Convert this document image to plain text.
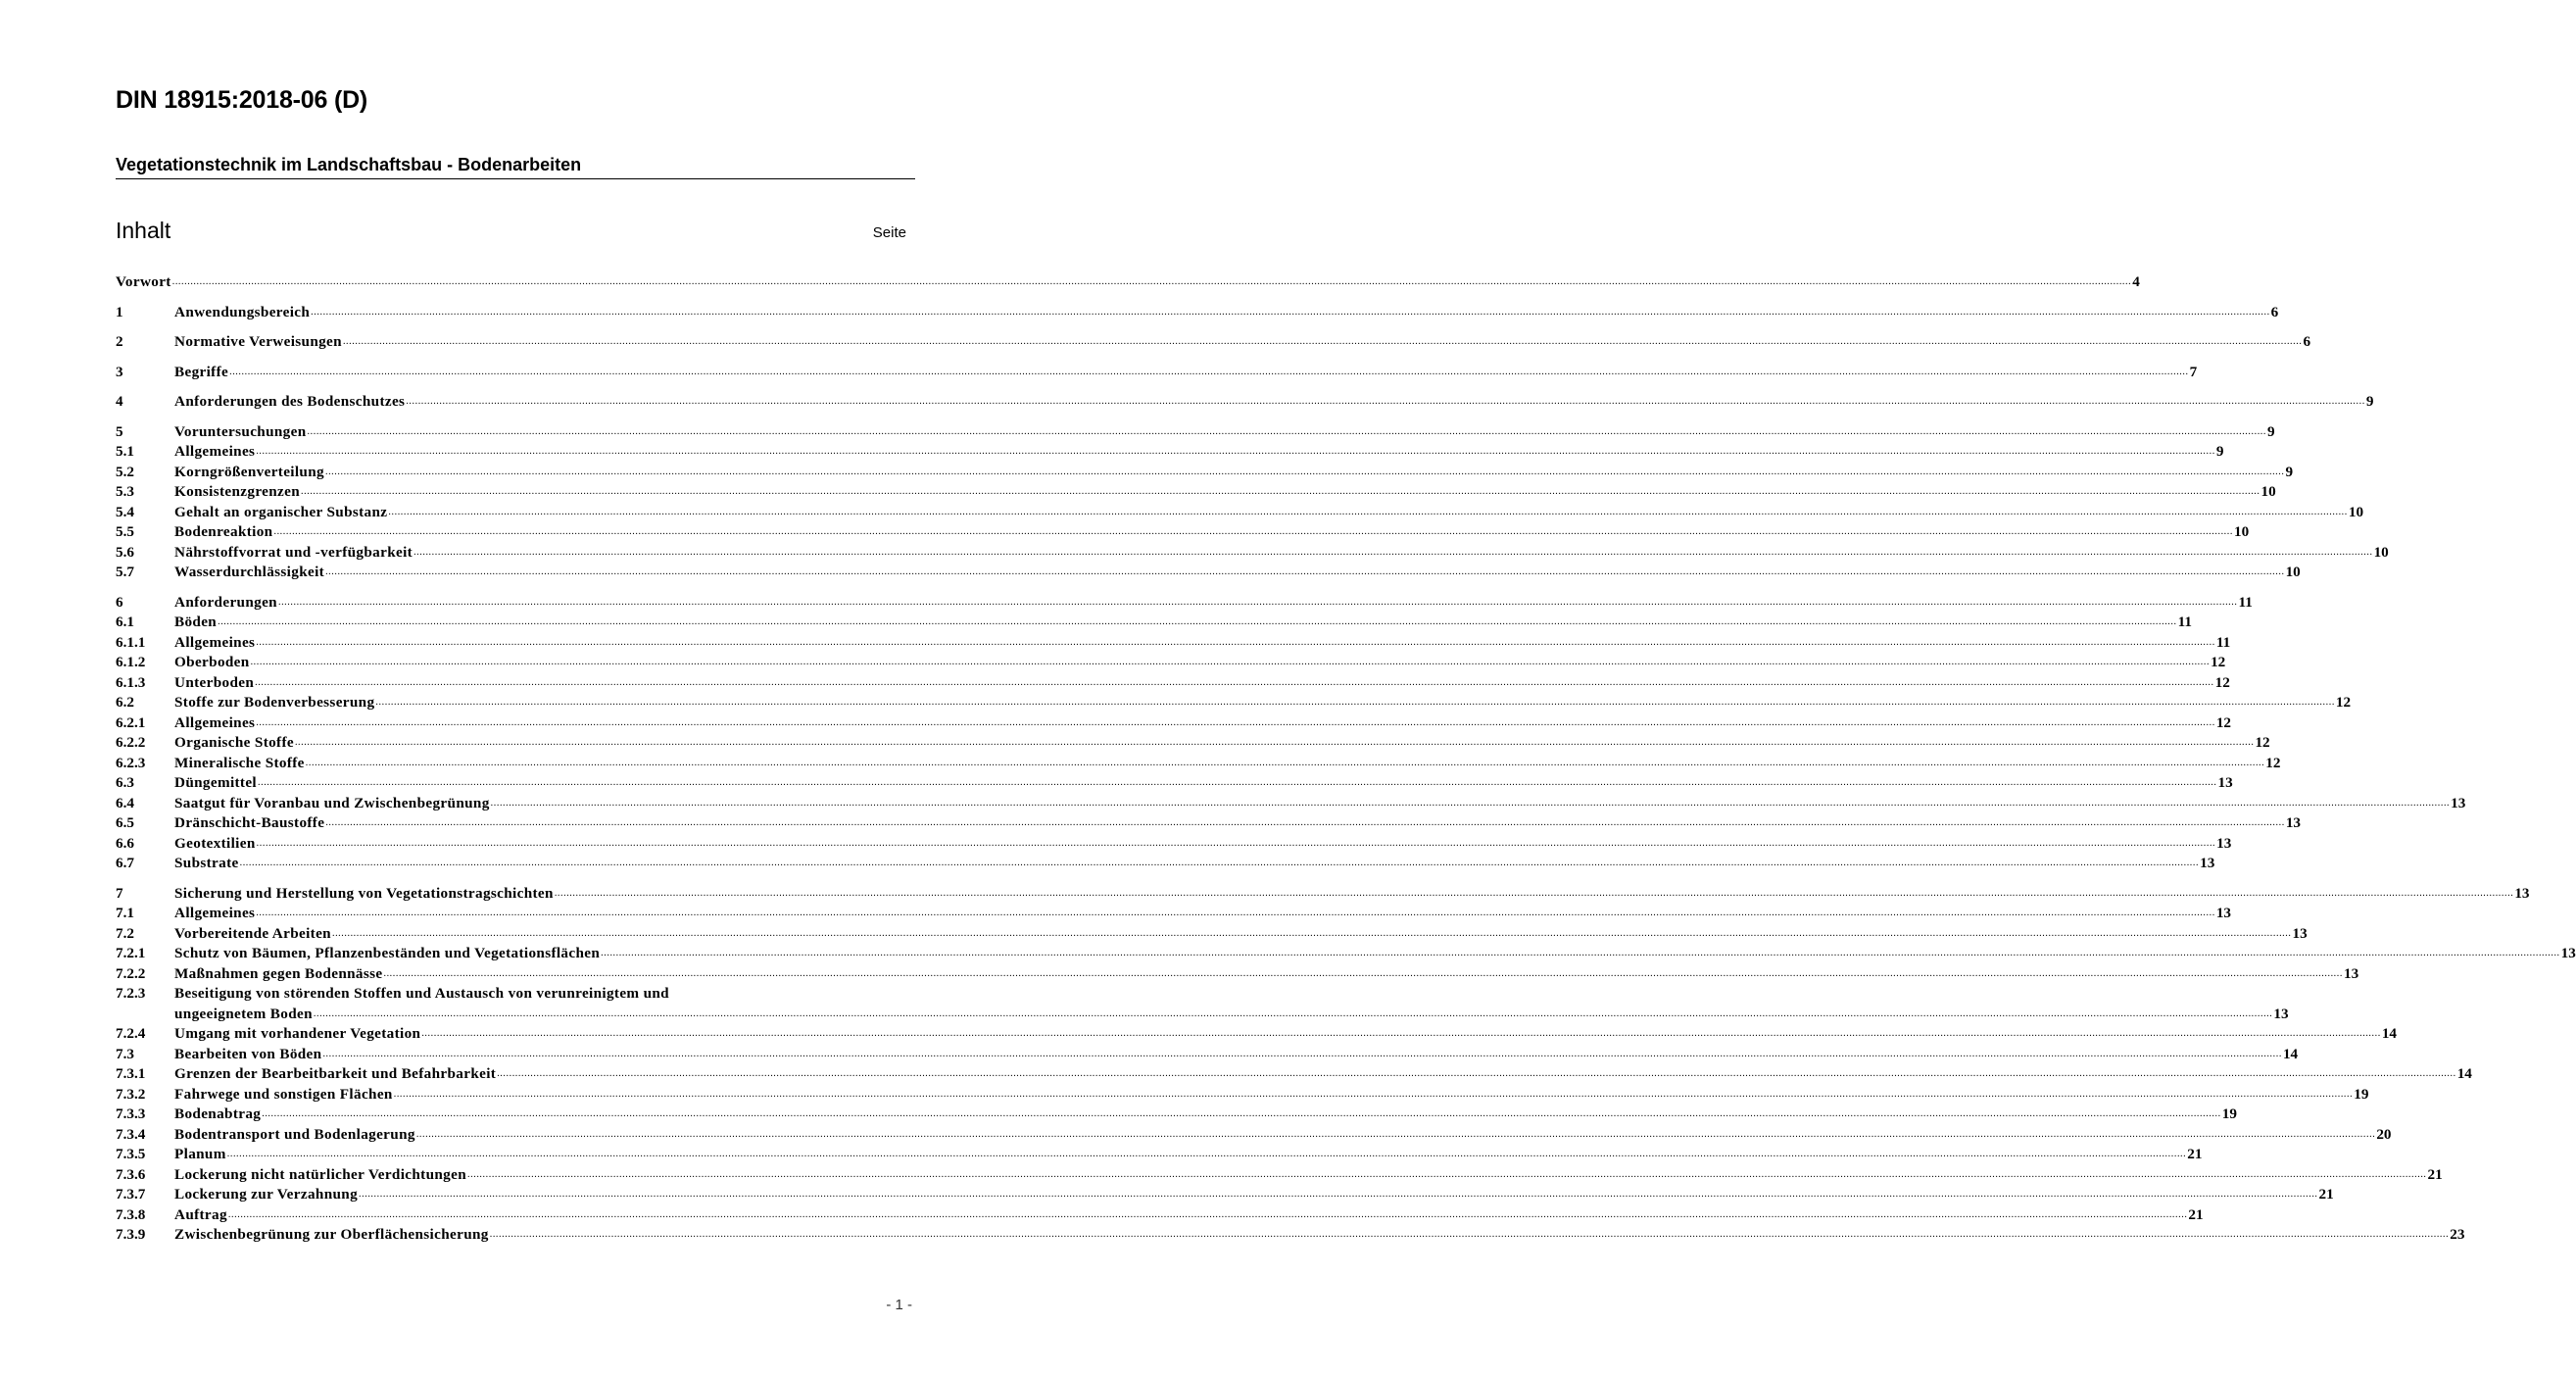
DIN 18915:2018-06 (D)
Vegetationstechnik im Landschaftsbau - Bodenarbeiten
Inhalt	Seite
Vorwort .....	4
1	Anwendungsbereich .....	6
2	Normative Verweisungen .....	6
3	Begriffe .....	7
4	Anforderungen des Bodenschutzes .....	9
5	Voruntersuchungen .....	9
5.1	Allgemeines .....	9
5.2	Korngrößenverteilung .....	9
5.3	Konsistenzgrenzen .....	10
5.4	Gehalt an organischer Substanz .....	10
5.5	Bodenreaktion .....	10
5.6	Nährstoffvorrat und -verfügbarkeit .....	10
5.7	Wasserdurchlässigkeit .....	10
6	Anforderungen .....	11
6.1	Böden .....	11
6.1.1	Allgemeines .....	11
6.1.2	Oberboden .....	12
6.1.3	Unterboden .....	12
6.2	Stoffe zur Bodenverbesserung .....	12
6.2.1	Allgemeines .....	12
6.2.2	Organische Stoffe .....	12
6.2.3	Mineralische Stoffe .....	12
6.3	Düngemittel .....	13
6.4	Saatgut für Voranbau und Zwischenbegrünung .....	13
6.5	Dränschicht-Baustoffe .....	13
6.6	Geotextilien .....	13
6.7	Substrate .....	13
7	Sicherung und Herstellung von Vegetationstragschichten .....	13
7.1	Allgemeines .....	13
7.2	Vorbereitende Arbeiten .....	13
7.2.1	Schutz von Bäumen, Pflanzenbeständen und Vegetationsflächen .....	13
7.2.2	Maßnahmen gegen Bodennässe .....	13
7.2.3	Beseitigung von störenden Stoffen und Austausch von verunreinigtem und
ungeeignetem Boden .....	13
7.2.4	Umgang mit vorhandener Vegetation .....	14
7.3	Bearbeiten von Böden .....	14
7.3.1	Grenzen der Bearbeitbarkeit und Befahrbarkeit .....	14
7.3.2	Fahrwege und sonstigen Flächen .....	19
7.3.3	Bodenabtrag .....	19
7.3.4	Bodentransport und Bodenlagerung .....	20
7.3.5	Planum .....	21
7.3.6	Lockerung nicht natürlicher Verdichtungen .....	21
7.3.7	Lockerung zur Verzahnung .....	21
7.3.8	Auftrag .....	21
7.3.9	Zwischenbegrünung zur Oberflächensicherung .....	23
- 1 -
